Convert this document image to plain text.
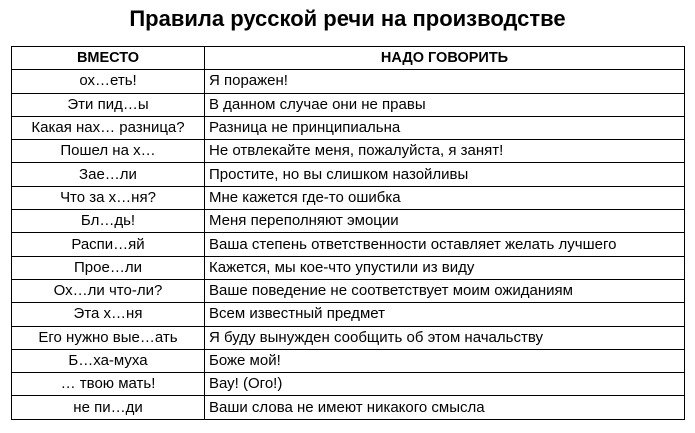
Правила русской речи на производстве
ВМЕСТО	НАДО ГОВОРИТЬ
ох…еть!	Я поражен!
Эти пид…ы	В данном случае они не правы
Какая нах… разница?	Разница не принципиальна
Пошел на х…	Не отвлекайте меня, пожалуйста, я занят!
Зае…ли	Простите, но вы слишком назойливы
Что за х…ня?	Мне кажется где-то ошибка
Бл…дь!	Меня переполняют эмоции
Распи…яй	Ваша степень ответственности оставляет желать лучшего
Прое…ли	Кажется, мы кое-что упустили из виду
Ох…ли что-ли?	Ваше поведение не соответствует моим ожиданиям
Эта х…ня	Всем известный предмет
Его нужно вые…ать	Я буду вынужден сообщить об этом начальству
Б…ха-муха	Боже мой!
… твою мать!	Вау! (Ого!)
не пи…ди	Ваши слова не имеют никакого смысла
